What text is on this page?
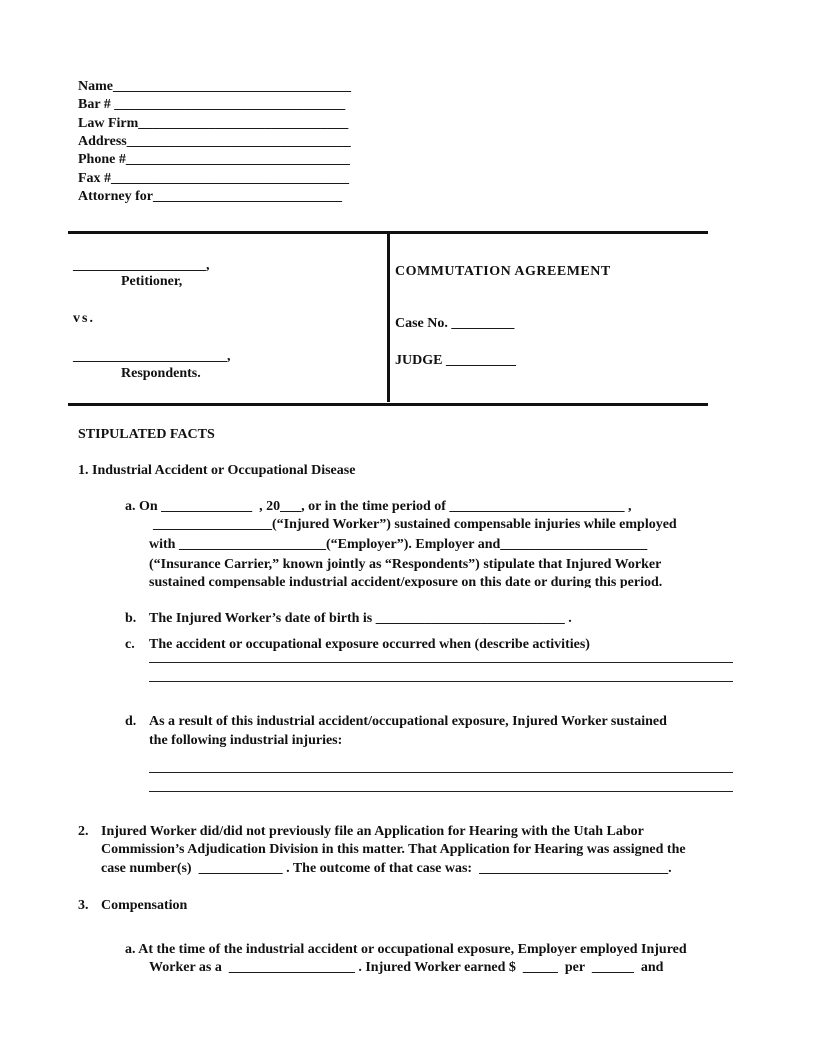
Name__________________________________
Bar # _________________________________
Law Firm______________________________
Address________________________________
Phone #________________________________
Fax #__________________________________
Attorney for___________________________
___________________,
Petitioner,
vs.
______________________,
Respondents.
COMMUTATION AGREEMENT
Case No. _________
JUDGE __________
STIPULATED FACTS
1. Industrial Accident or Occupational Disease
a. On _____________  , 20___, or in the time period of _________________________ ,
_________________(“Injured Worker”) sustained compensable injuries while employed
with _____________________(“Employer”). Employer and_____________________
(“Insurance Carrier,” known jointly as “Respondents”) stipulate that Injured Worker
sustained compensable industrial accident/exposure on this date or during this period.
b. The Injured Worker’s date of birth is ___________________________ .
c. The accident or occupational exposure occurred when (describe activities)
d. As a result of this industrial accident/occupational exposure, Injured Worker sustained
the following industrial injuries:
2. Injured Worker did/did not previously file an Application for Hearing with the Utah Labor
Commission’s Adjudication Division in this matter. That Application for Hearing was assigned the
case number(s)  ____________ . The outcome of that case was:  ___________________________.
3. Compensation
a. At the time of the industrial accident or occupational exposure, Employer employed Injured
Worker as a  __________________ . Injured Worker earned $  _____  per  ______  and
